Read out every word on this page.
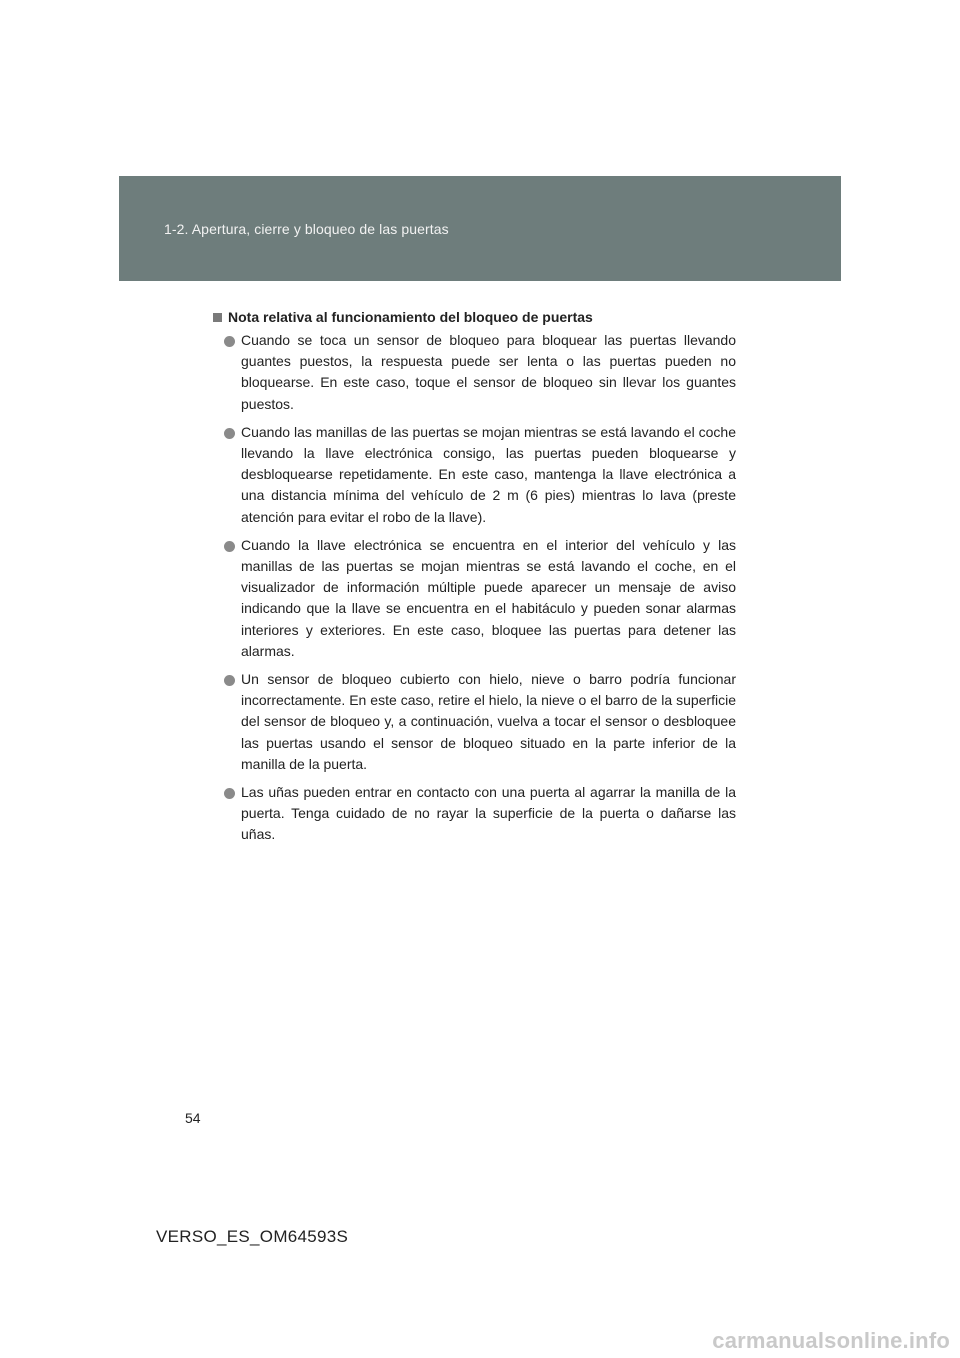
1-2. Apertura, cierre y bloqueo de las puertas
Nota relativa al funcionamiento del bloqueo de puertas
Cuando se toca un sensor de bloqueo para bloquear las puertas llevando guantes puestos, la respuesta puede ser lenta o las puertas pueden no bloquearse. En este caso, toque el sensor de bloqueo sin llevar los guantes puestos.
Cuando las manillas de las puertas se mojan mientras se está lavando el coche llevando la llave electrónica consigo, las puertas pueden bloquearse y desbloquearse repetidamente. En este caso, mantenga la llave electrónica a una distancia mínima del vehículo de 2 m (6 pies) mientras lo lava (preste atención para evitar el robo de la llave).
Cuando la llave electrónica se encuentra en el interior del vehículo y las manillas de las puertas se mojan mientras se está lavando el coche, en el visualizador de información múltiple puede aparecer un mensaje de aviso indicando que la llave se encuentra en el habitáculo y pueden sonar alarmas interiores y exteriores. En este caso, bloquee las puertas para detener las alarmas.
Un sensor de bloqueo cubierto con hielo, nieve o barro podría funcionar incorrectamente. En este caso, retire el hielo, la nieve o el barro de la superficie del sensor de bloqueo y, a continuación, vuelva a tocar el sensor o desbloquee las puertas usando el sensor de bloqueo situado en la parte inferior de la manilla de la puerta.
Las uñas pueden entrar en contacto con una puerta al agarrar la manilla de la puerta. Tenga cuidado de no rayar la superficie de la puerta o dañarse las uñas.
54
VERSO_ES_OM64593S
carmanualsonline.info
